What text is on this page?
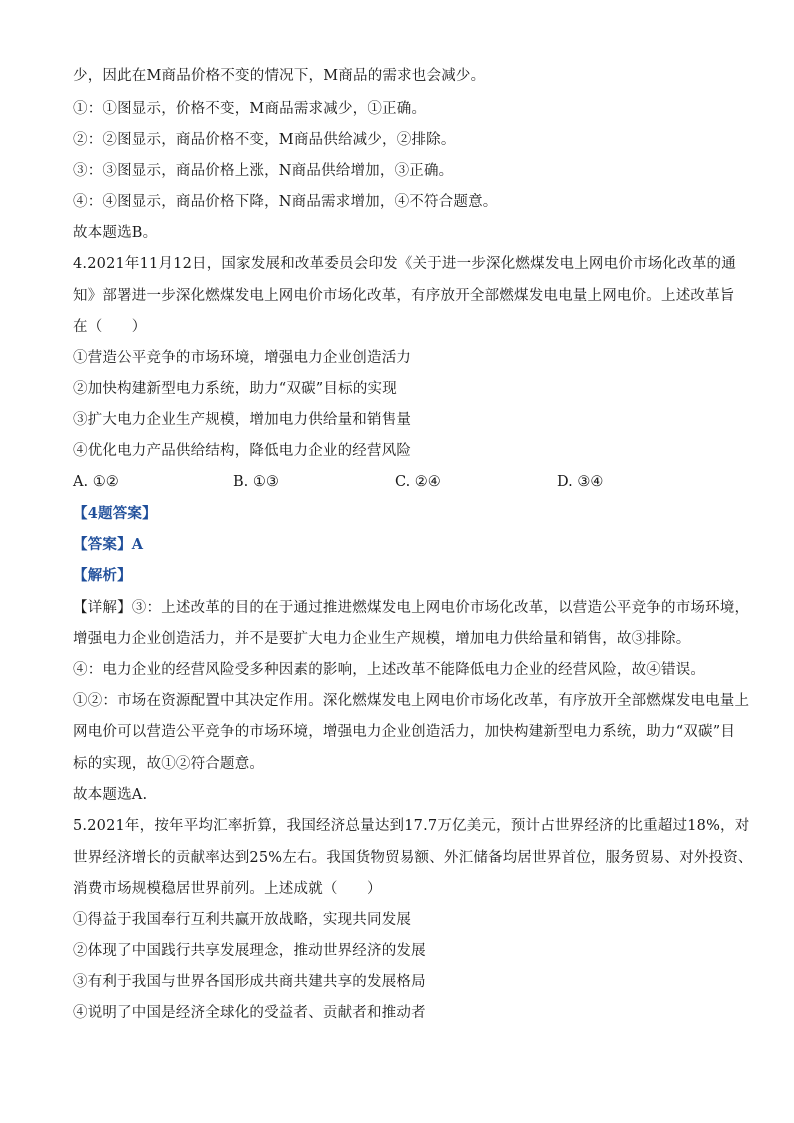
少，因此在M商品价格不变的情况下，M商品的需求也会减少。
①：①图显示，价格不变，M商品需求减少，①正确。
②：②图显示，商品价格不变，M商品供给减少，②排除。
③：③图显示，商品价格上涨，N商品供给增加，③正确。
④：④图显示，商品价格下降，N商品需求增加，④不符合题意。
故本题选B。
4.2021年11月12日，国家发展和改革委员会印发《关于进一步深化燃煤发电上网电价市场化改革的通
知》部署进一步深化燃煤发电上网电价市场化改革，有序放开全部燃煤发电电量上网电价。上述改革旨
在（　　）
①营造公平竞争的市场环境，增强电力企业创造活力
②加快构建新型电力系统，助力“双碳”目标的实现
③扩大电力企业生产规模，增加电力供给量和销售量
④优化电力产品供给结构，降低电力企业的经营风险
A. ①②	B. ①③	C. ②④	D. ③④
【4题答案】
【答案】A
【解析】
【详解】③：上述改革的目的在于通过推进燃煤发电上网电价市场化改革，以营造公平竞争的市场环境，
增强电力企业创造活力，并不是要扩大电力企业生产规模，增加电力供给量和销售，故③排除。
④：电力企业的经营风险受多种因素的影响，上述改革不能降低电力企业的经营风险，故④错误。
①②：市场在资源配置中其决定作用。深化燃煤发电上网电价市场化改革，有序放开全部燃煤发电电量上
网电价可以营造公平竞争的市场环境，增强电力企业创造活力，加快构建新型电力系统，助力“双碳”目
标的实现，故①②符合题意。
故本题选A.
5.2021年，按年平均汇率折算，我国经济总量达到17.7万亿美元，预计占世界经济的比重超过18%，对
世界经济增长的贡献率达到25%左右。我国货物贸易额、外汇储备均居世界首位，服务贸易、对外投资、
消费市场规模稳居世界前列。上述成就（　　）
①得益于我国奉行互利共赢开放战略，实现共同发展
②体现了中国践行共享发展理念，推动世界经济的发展
③有利于我国与世界各国形成共商共建共享的发展格局
④说明了中国是经济全球化的受益者、贡献者和推动者
